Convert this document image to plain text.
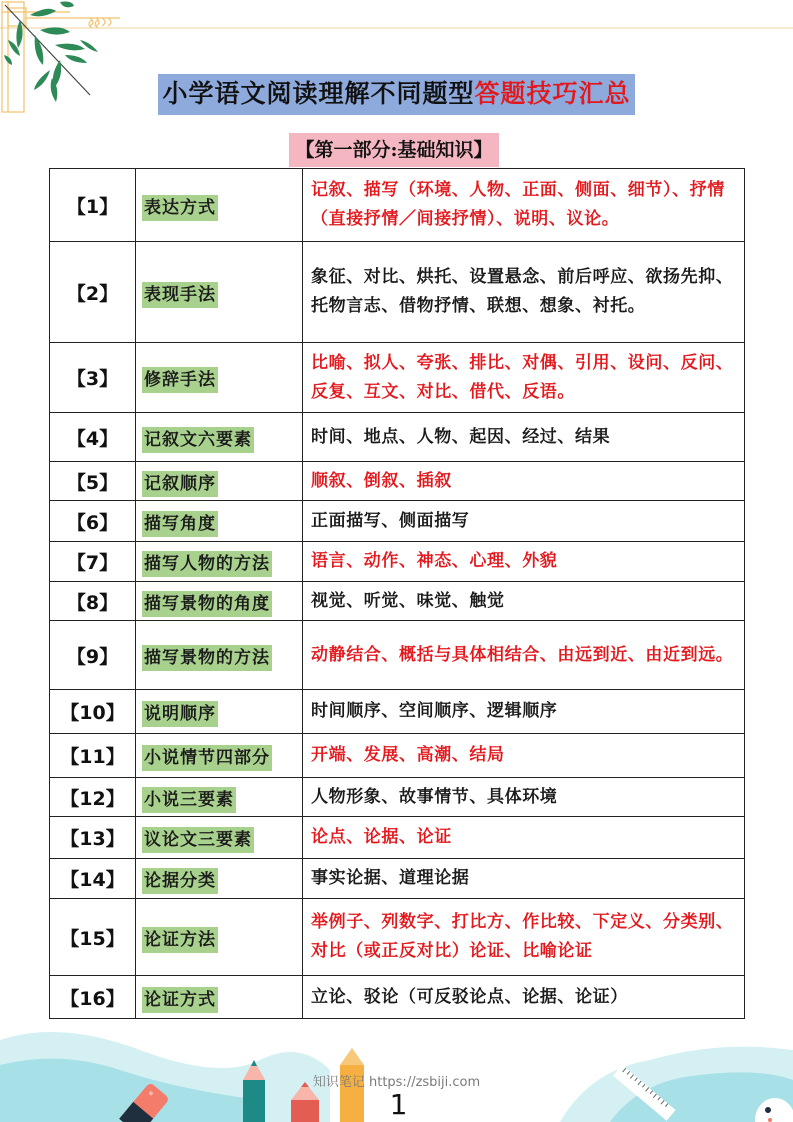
小学语文阅读理解不同题型答题技巧汇总
【第一部分:基础知识】
【1】	表达方式	记叙、描写（环境、人物、正面、侧面、细节）、抒情（直接抒情／间接抒情）、说明、议论。
【2】	表现手法	象征、对比、烘托、设置悬念、前后呼应、欲扬先抑、托物言志、借物抒情、联想、想象、衬托。
【3】	修辞手法	比喻、拟人、夸张、排比、对偶、引用、设问、反问、反复、互文、对比、借代、反语。
【4】	记叙文六要素	时间、地点、人物、起因、经过、结果
【5】	记叙顺序	顺叙、倒叙、插叙
【6】	描写角度	正面描写、侧面描写
【7】	描写人物的方法	语言、动作、神态、心理、外貌
【8】	描写景物的角度	视觉、听觉、味觉、触觉
【9】	描写景物的方法	动静结合、概括与具体相结合、由远到近、由近到远。
【10】	说明顺序	时间顺序、空间顺序、逻辑顺序
【11】	小说情节四部分	开端、发展、高潮、结局
【12】	小说三要素	人物形象、故事情节、具体环境
【13】	议论文三要素	论点、论据、论证
【14】	论据分类	事实论据、道理论据
【15】	论证方法	举例子、列数字、打比方、作比较、下定义、分类别、对比（或正反对比）论证、比喻论证
【16】	论证方式	立论、驳论（可反驳论点、论据、论证）
知识笔记 https://zsbiji.com
1
